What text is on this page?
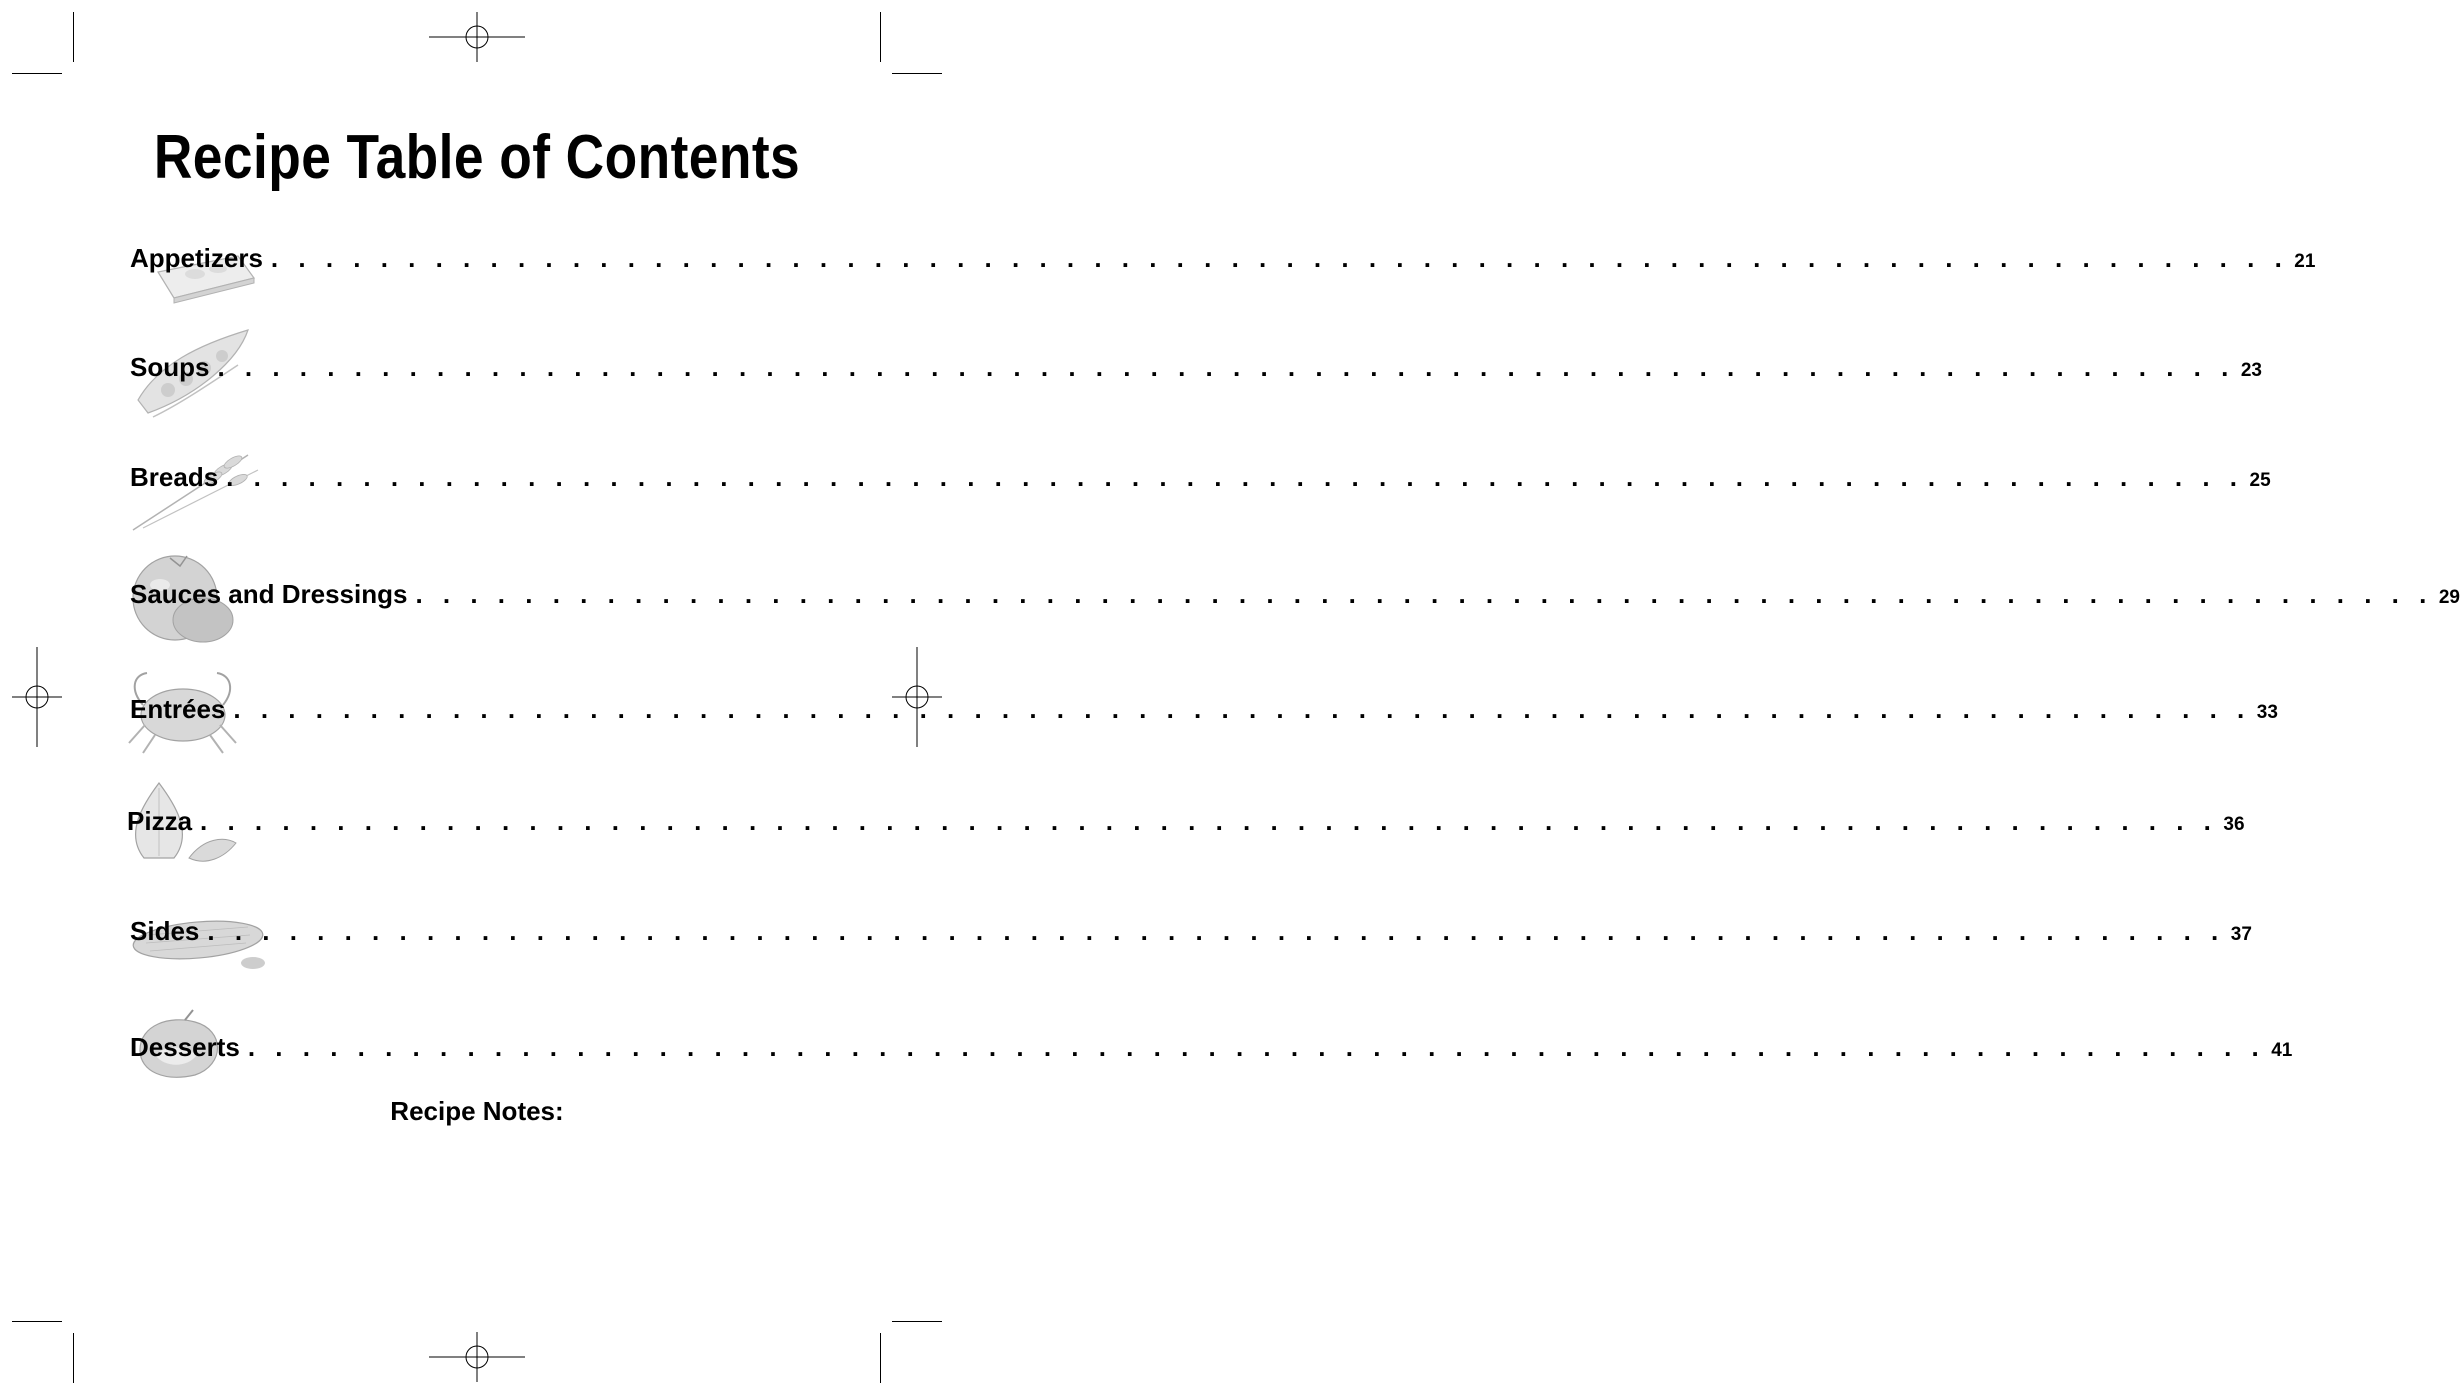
Recipe Table of Contents
Appetizers . . . . . . . . . . . . . . . . . . . . . . . . . . . . . . . . . . . . . . . . . . . . . . . . . . . . . . . . . . . . . . . . . . . . . . . . . . 21
Soups . . . . . . . . . . . . . . . . . . . . . . . . . . . . . . . . . . . . . . . . . . . . . . . . . . . . . . . . . . . . . . . . . . . . . . . . . . 23
Breads . . . . . . . . . . . . . . . . . . . . . . . . . . . . . . . . . . . . . . . . . . . . . . . . . . . . . . . . . . . . . . . . . . . . . . . . . . 25
Sauces and Dressings . . . . . . . . . . . . . . . . . . . . . . . . . . . . . . . . . . . . . . . . . . . . . . . . . . . . . . . . . . . . . . . . . . . . . . . . . . 29
Entrées . . . . . . . . . . . . . . . . . . . . . . . . . . . . . . . . . . . . . . . . . . . . . . . . . . . . . . . . . . . . . . . . . . . . . . . . . . 33
Pizza . . . . . . . . . . . . . . . . . . . . . . . . . . . . . . . . . . . . . . . . . . . . . . . . . . . . . . . . . . . . . . . . . . . . . . . . . . 36
Sides . . . . . . . . . . . . . . . . . . . . . . . . . . . . . . . . . . . . . . . . . . . . . . . . . . . . . . . . . . . . . . . . . . . . . . . . . . 37
Desserts . . . . . . . . . . . . . . . . . . . . . . . . . . . . . . . . . . . . . . . . . . . . . . . . . . . . . . . . . . . . . . . . . . . . . . . . . . 41
Recipe Notes:
